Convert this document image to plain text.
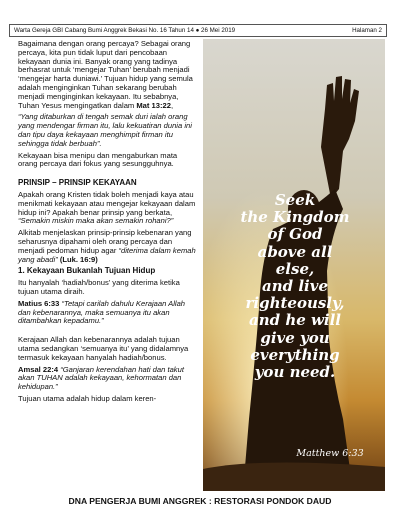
Warta Gereja GBI Cabang Bumi Anggrek Bekasi No. 16 Tahun 14 ● 26 Mei 2019	Halaman 2

Bagaimana dengan orang percaya? Sebagai orang percaya, kita pun tidak luput dari pencobaan kekayaan dunia ini. Banyak orang yang tadinya berhasrat untuk ‘mengejar Tuhan’ berubah menjadi ‘mengejar harta duniawi.’ Tujuan hidup yang semula adalah menginginkan Tuhan sekarang berubah menjadi menginginkan kekayaan. Itu sebabnya, Tuhan Yesus mengingatkan dalam Mat 13:22,

“Yang ditaburkan di tengah semak duri ialah orang yang mendengar firman itu, lalu kekuatiran dunia ini dan tipu daya kekayaan menghimpit firman itu sehingga tidak berbuah”.

Kekayaan bisa menipu dan mengaburkan mata orang percaya dari fokus yang sesungguhnya.

PRINSIP – PRINSIP KEKAYAAN

Apakah orang Kristen tidak boleh menjadi kaya atau menikmati kekayaan atau mengejar kekayaan dalam hidup ini? Apakah benar prinsip yang berkata, “Semakin miskin maka akan semakin rohani?”

Alkitab menjelaskan prinsip-prinsip kebenaran yang seharusnya dipahami oleh orang percaya dan menjadi pedoman hidup agar “diterima dalam kemah yang abadi” (Luk. 16:9)

1. Kekayaan Bukanlah Tujuan Hidup

Itu hanyalah ‘hadiah/bonus’ yang diterima ketika tujuan utama diraih.

Matius 6:33 “Tetapi carilah dahulu Kerajaan Allah dan kebenarannya, maka semuanya itu akan ditambahkan kepadamu.”

Kerajaan Allah dan kebenarannya adalah tujuan utama sedangkan ‘semuanya itu’ yang didalamnya termasuk kekayaan hanyalah hadiah/bonus.

Amsal 22:4 “Ganjaran kerendahan hati dan takut akan TUHAN adalah kekayaan, kehormatan dan kehidupan.”

Tujuan utama adalah hidup dalam keren-

Seek
the Kingdom
of God
above all
else,
and live
righteously,
and he will
give you
everything
you need.
Matthew 6:33
DNA PENGERJA BUMI ANGGREK : RESTORASI PONDOK DAUD
